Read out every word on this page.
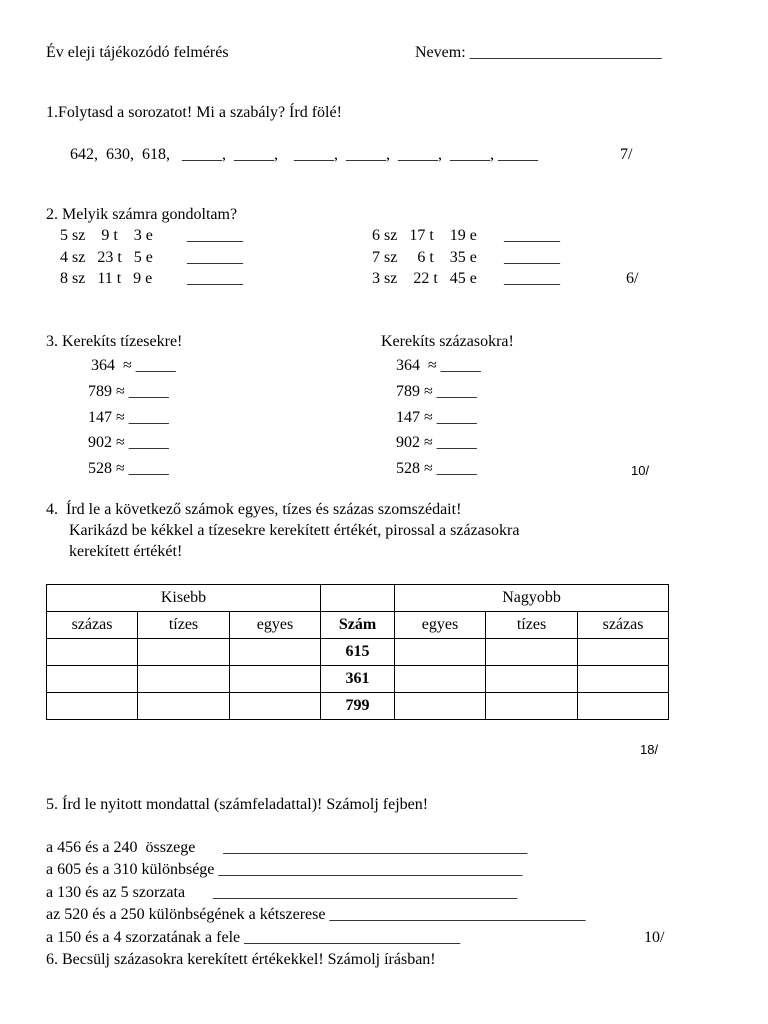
Év eleji tájékozódó felmérés	Nevem: ________________________
1.Folytasd a sorozatot! Mi a szabály? Írd fölé!
642,  630,  618,   _____,  _____,    _____,  _____,  _____,  _____, _____	7/
2. Melyik számra gondoltam?
5 sz    9 t    3 e _______
4 sz   23 t   5 e _______
8 sz   11 t   9 e _______
6 sz   17 t    19 e _______
7 sz     6 t    35 e _______
3 sz    22 t   45 e _______	6/
3. Kerekíts tízesekre!	Kerekíts százasokra!
364  ≈ _____
789 ≈ _____
147 ≈ _____
902 ≈ _____
528 ≈ _____
364  ≈ _____
789 ≈ _____
147 ≈ _____
902 ≈ _____
528 ≈ _____	10/
4.  Írd le a következő számok egyes, tízes és százas szomszédait!
Karikázd be kékkel a tízesekre kerekített értékét, pirossal a százasokra
kerekített értékét!
Kisebb				Nagyobb		
százas	tízes	egyes	Szám	egyes	tízes	százas
			615			
			361			
			799			
18/
5. Írd le nyitott mondattal (számfeladattal)! Számolj fejben!
a 456 és a 240  összege       ______________________________________
a 605 és a 310 különbsége ______________________________________
a 130 és az 5 szorzata       ______________________________________
az 520 és a 250 különbségének a kétszerese ________________________________
a 150 és a 4 szorzatának a fele ___________________________	10/
6. Becsülj százasokra kerekített értékekkel! Számolj írásban!
